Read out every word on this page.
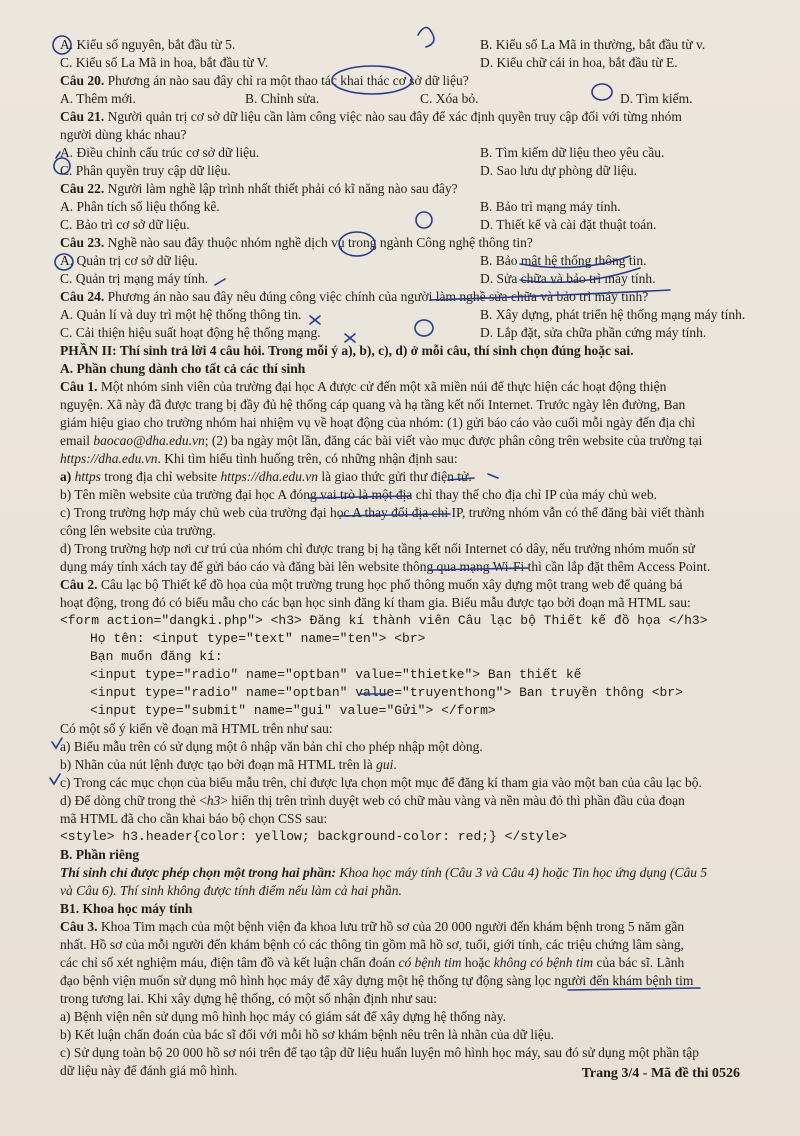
A. Kiểu số nguyên, bắt đầu từ 5.	B. Kiểu số La Mã in thường, bắt đầu từ v.
C. Kiểu số La Mã in hoa, bắt đầu từ V.	D. Kiểu chữ cái in hoa, bắt đầu từ E.
Câu 20. Phương án nào sau đây chỉ ra một thao tác khai thác cơ sở dữ liệu?
A. Thêm mới.	B. Chỉnh sửa.	C. Xóa bỏ.	D. Tìm kiếm.
Câu 21. Người quản trị cơ sở dữ liệu cần làm công việc nào sau đây để xác định quyền truy cập đối với từng nhóm
người dùng khác nhau?
A. Điều chỉnh cấu trúc cơ sở dữ liệu.	B. Tìm kiếm dữ liệu theo yêu cầu.
C. Phân quyền truy cập dữ liệu.	D. Sao lưu dự phòng dữ liệu.
Câu 22. Người làm nghề lập trình nhất thiết phải có kĩ năng nào sau đây?
A. Phân tích số liệu thống kê.	B. Bảo trì mạng máy tính.
C. Bảo trì cơ sở dữ liệu.	D. Thiết kế và cài đặt thuật toán.
Câu 23. Nghề nào sau đây thuộc nhóm nghề dịch vụ trong ngành Công nghệ thông tin?
A. Quản trị cơ sở dữ liệu.	B. Bảo mật hệ thống thông tin.
C. Quản trị mạng máy tính.	D. Sửa chữa và bảo trì máy tính.
Câu 24. Phương án nào sau đây nêu đúng công việc chính của người làm nghề sửa chữa và bảo trì máy tính?
A. Quản lí và duy trì một hệ thống thông tin.	B. Xây dựng, phát triển hệ thống mạng máy tính.
C. Cải thiện hiệu suất hoạt động hệ thống mạng.	D. Lắp đặt, sửa chữa phần cứng máy tính.
PHẦN II: Thí sinh trả lời 4 câu hỏi. Trong mỗi ý a), b), c), d) ở mỗi câu, thí sinh chọn đúng hoặc sai.
A. Phần chung dành cho tất cả các thí sinh
Câu 1. Một nhóm sinh viên của trường đại học A được cử đến một xã miền núi để thực hiện các hoạt động thiện
nguyện. Xã này đã được trang bị đầy đủ hệ thống cáp quang và hạ tầng kết nối Internet. Trước ngày lên đường, Ban
giám hiệu giao cho trưởng nhóm hai nhiệm vụ về hoạt động của nhóm: (1) gửi báo cáo vào cuối mỗi ngày đến địa chỉ
email baocao@dha.edu.vn; (2) ba ngày một lần, đăng các bài viết vào mục được phân công trên website của trường tại
https://dha.edu.vn. Khi tìm hiểu tình huống trên, có những nhận định sau:
a) https trong địa chỉ website https://dha.edu.vn là giao thức gửi thư điện tử.
b) Tên miền website của trường đại học A đóng vai trò là một địa chỉ thay thế cho địa chỉ IP của máy chủ web.
c) Trong trường hợp máy chủ web của trường đại học A thay đổi địa chỉ IP, trưởng nhóm vẫn có thể đăng bài viết thành
công lên website của trường.
d) Trong trường hợp nơi cư trú của nhóm chỉ được trang bị hạ tầng kết nối Internet có dây, nếu trưởng nhóm muốn sử
dụng máy tính xách tay để gửi báo cáo và đăng bài lên website thông qua mạng Wi-Fi thì cần lắp đặt thêm Access Point.
Câu 2. Câu lạc bộ Thiết kế đồ họa của một trường trung học phổ thông muốn xây dựng một trang web để quảng bá
hoạt động, trong đó có biểu mẫu cho các bạn học sinh đăng kí tham gia. Biểu mẫu được tạo bởi đoạn mã HTML sau:
<form action="dangki.php"> <h3> Đăng kí thành viên Câu lạc bộ Thiết kế đồ họa </h3>
Họ tên: <input type="text" name="ten"> <br>
Bạn muốn đăng kí:
<input type="radio" name="optban" value="thietke"> Ban thiết kế
<input type="radio" name="optban" value="truyenthong"> Ban truyền thông <br>
<input type="submit" name="gui" value="Gửi"> </form>
Có một số ý kiến về đoạn mã HTML trên như sau:
a) Biểu mẫu trên có sử dụng một ô nhập văn bản chỉ cho phép nhập một dòng.
b) Nhãn của nút lệnh được tạo bởi đoạn mã HTML trên là gui.
c) Trong các mục chọn của biểu mẫu trên, chỉ được lựa chọn một mục để đăng kí tham gia vào một ban của câu lạc bộ.
d) Để dòng chữ trong thẻ <h3> hiển thị trên trình duyệt web có chữ màu vàng và nền màu đỏ thì phần đầu của đoạn
mã HTML đã cho cần khai báo bộ chọn CSS sau:
<style> h3.header{color: yellow; background-color: red;} </style>
B. Phần riêng
Thí sinh chỉ được phép chọn một trong hai phần: Khoa học máy tính (Câu 3 và Câu 4) hoặc Tin học ứng dụng (Câu 5
và Câu 6). Thí sinh không được tính điểm nếu làm cả hai phần.
B1. Khoa học máy tính
Câu 3. Khoa Tim mạch của một bệnh viện đa khoa lưu trữ hồ sơ của 20 000 người đến khám bệnh trong 5 năm gần
nhất. Hồ sơ của mỗi người đến khám bệnh có các thông tin gồm mã hồ sơ, tuổi, giới tính, các triệu chứng lâm sàng,
các chỉ số xét nghiệm máu, điện tâm đồ và kết luận chẩn đoán có bệnh tim hoặc không có bệnh tim của bác sĩ. Lãnh
đạo bệnh viện muốn sử dụng mô hình học máy để xây dựng một hệ thống tự động sàng lọc người đến khám bệnh tim
trong tương lai. Khi xây dựng hệ thống, có một số nhận định như sau:
a) Bệnh viện nên sử dụng mô hình học máy có giám sát để xây dựng hệ thống này.
b) Kết luận chẩn đoán của bác sĩ đối với mỗi hồ sơ khám bệnh nêu trên là nhãn của dữ liệu.
c) Sử dụng toàn bộ 20 000 hồ sơ nói trên để tạo tập dữ liệu huấn luyện mô hình học máy, sau đó sử dụng một phần tập
dữ liệu này để đánh giá mô hình.	Trang 3/4 - Mã đề thi 0526
